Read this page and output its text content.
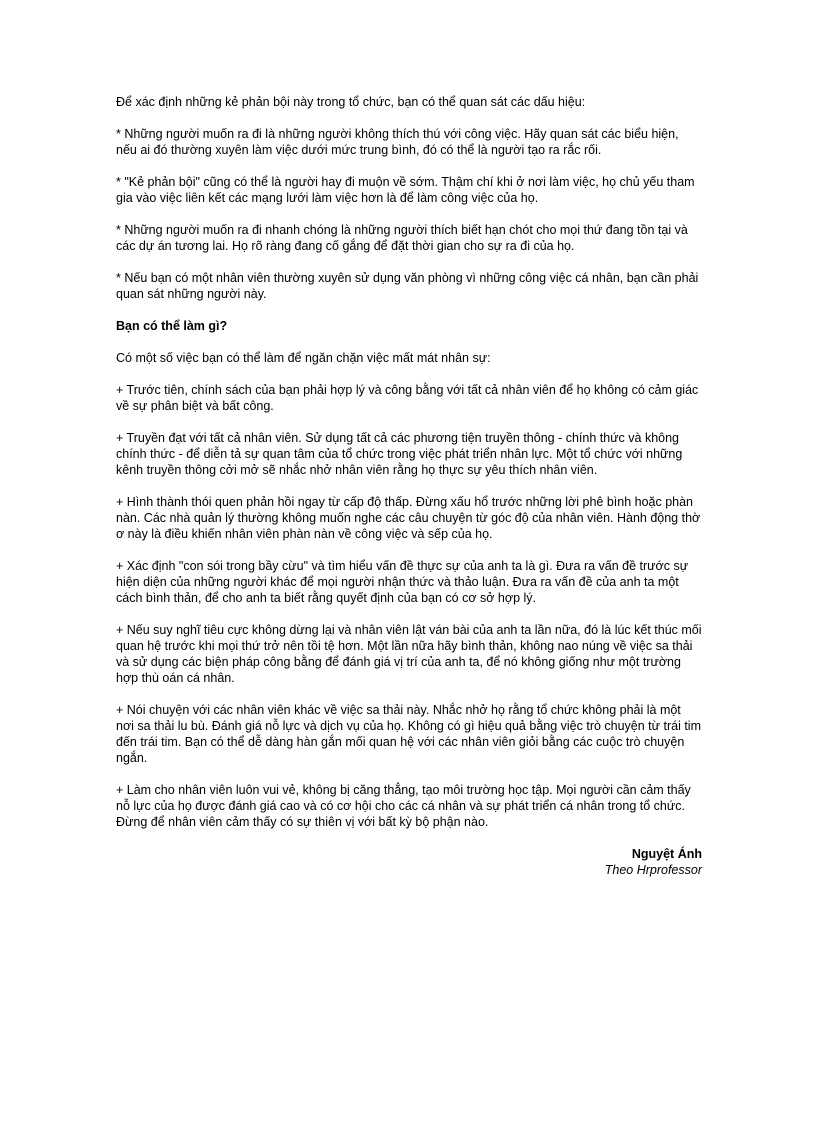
Để xác định những kẻ phản bội này trong tổ chức, bạn có thể quan sát các dấu hiệu:

* Những người muốn ra đi là những người không thích thú với công việc. Hãy quan sát các biểu hiện, nếu ai đó thường xuyên làm việc dưới mức trung bình, đó có thể là người tạo ra rắc rối.

* "Kẻ phản bội" cũng có thể là người hay đi muộn về sớm. Thậm chí khi ở nơi làm việc, họ chủ yếu tham gia vào việc liên kết các mạng lưới làm việc hơn là để làm công việc của họ.

* Những người muốn ra đi nhanh chóng là những người thích biết hạn chót cho mọi thứ đang tồn tại và các dự án tương lai. Họ rõ ràng đang cố gắng để đặt thời gian cho sự ra đi của họ.

* Nếu bạn có một nhân viên thường xuyên sử dụng văn phòng vì những công việc cá nhân, bạn cần phải quan sát những người này.

Bạn có thể làm gì?

Có một số việc bạn có thể làm để ngăn chặn việc mất mát nhân sự:

+ Trước tiên, chính sách của bạn phải hợp lý và công bằng với tất cả nhân viên để họ không có cảm giác về sự phân biệt và bất công.

+ Truyền đạt với tất cả nhân viên. Sử dụng tất cả các phương tiện truyền thông - chính thức và không chính thức - để diễn tả sự quan tâm của tổ chức trong việc phát triển nhân lực. Một tổ chức với những kênh truyền thông cởi mở sẽ nhắc nhở nhân viên rằng họ thực sự yêu thích nhân viên.

+ Hình thành thói quen phản hồi ngay từ cấp độ thấp. Đừng xấu hổ trước những lời phê bình hoặc phàn nàn. Các nhà quản lý thường không muốn nghe các câu chuyện từ góc độ của nhân viên. Hành động thờ ơ này là điều khiến nhân viên phàn nàn về công việc và sếp của họ.

+ Xác định "con sói trong bầy cừu" và tìm hiểu vấn đề thực sự của anh ta là gì. Đưa ra vấn đề trước sự hiện diện của những người khác để mọi người nhận thức và thảo luận. Đưa ra vấn đề của anh ta một cách bình thản, để cho anh ta biết rằng quyết định của bạn có cơ sở hợp lý.

+ Nếu suy nghĩ tiêu cực không dừng lại và nhân viên lật ván bài của anh ta lần nữa, đó là lúc kết thúc mối quan hệ trước khi mọi thứ trở nên tồi tệ hơn. Một lần nữa hãy bình thản, không nao núng về việc sa thải và sử dụng các biện pháp công bằng để đánh giá vị trí của anh ta, để nó không giống như một trường hợp thù oán cá nhân.

+ Nói chuyện với các nhân viên khác về việc sa thải này. Nhắc nhở họ rằng tổ chức không phải là một nơi sa thải lu bù. Đánh giá nỗ lực và dịch vụ của họ. Không có gì hiệu quả bằng việc trò chuyện từ trái tim đến trái tim. Bạn có thể dễ dàng hàn gắn mối quan hệ với các nhân viên giỏi bằng các cuộc trò chuyện ngắn.

+ Làm cho nhân viên luôn vui vẻ, không bị căng thẳng, tạo môi trường học tập. Mọi người cần cảm thấy nỗ lực của họ được đánh giá cao và có cơ hội cho các cá nhân và sự phát triển cá nhân trong tổ chức. Đừng để nhân viên cảm thấy có sự thiên vị với bất kỳ bộ phận nào.

Nguyệt Ánh
Theo Hrprofessor
